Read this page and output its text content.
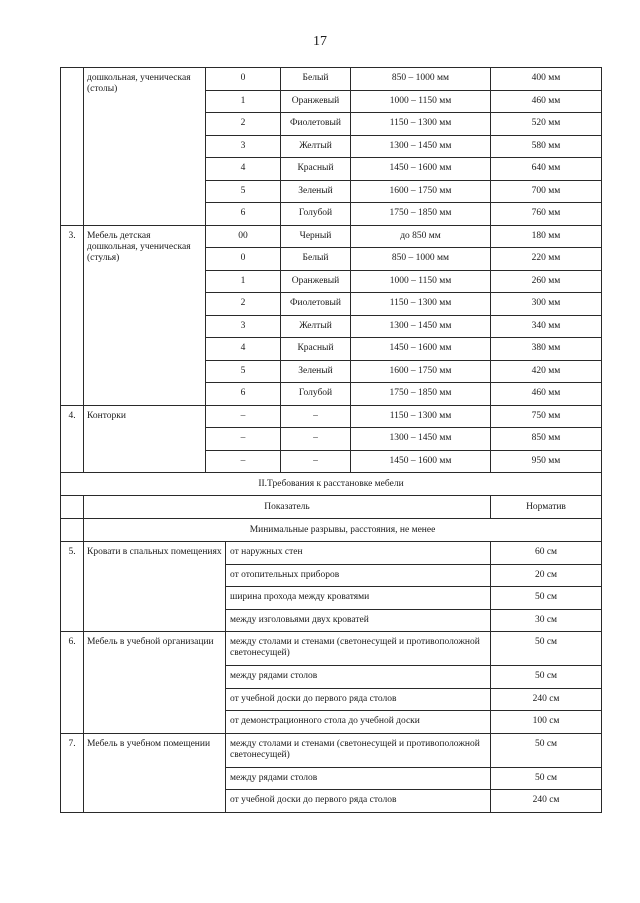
17
	дошкольная, ученическая (столы)	0		Белый	850 – 1000 мм	400 мм
		1		Оранжевый	1000 – 1150 мм	460 мм
		2		Фиолетовый	1150 – 1300 мм	520 мм
		3		Желтый	1300 – 1450 мм	580 мм
		4		Красный	1450 – 1600 мм	640 мм
		5		Зеленый	1600 – 1750 мм	700 мм
		6		Голубой	1750 – 1850 мм	760 мм
3.	Мебель детская дошкольная, ученическая (стулья)	00		Черный	до 850 мм	180 мм
		0		Белый	850 – 1000 мм	220 мм
		1		Оранжевый	1000 – 1150 мм	260 мм
		2		Фиолетовый	1150 – 1300 мм	300 мм
		3		Желтый	1300 – 1450 мм	340 мм
		4		Красный	1450 – 1600 мм	380 мм
		5		Зеленый	1600 – 1750 мм	420 мм
		6		Голубой	1750 – 1850 мм	460 мм
4.	Конторки	–		–	1150 – 1300 мм	750 мм
		–		–	1300 – 1450 мм	850 мм
		–		–	1450 – 1600 мм	950 мм
II.Требования к расстановке мебели						
	Показатель					Норматив
	Минимальные разрывы, расстояния, не менее					
5.	Кровати в спальных помещениях		от наружных стен			60 см
			от отопительных приборов			20 см
			ширина прохода между кроватями			50 см
			между изголовьями двух кроватей			30 см
6.	Мебель в учебной организации		между столами и стенами (светонесущей и противоположной светонесущей)			50 см
			между рядами столов			50 см
			от учебной доски до первого ряда столов			240 см
			от демонстрационного стола до учебной доски			100 см
7.	Мебель в учебном помещении		между столами и стенами (светонесущей и противоположной светонесущей)			50 см
			между рядами столов			50 см
			от учебной доски до первого ряда столов			240 см
